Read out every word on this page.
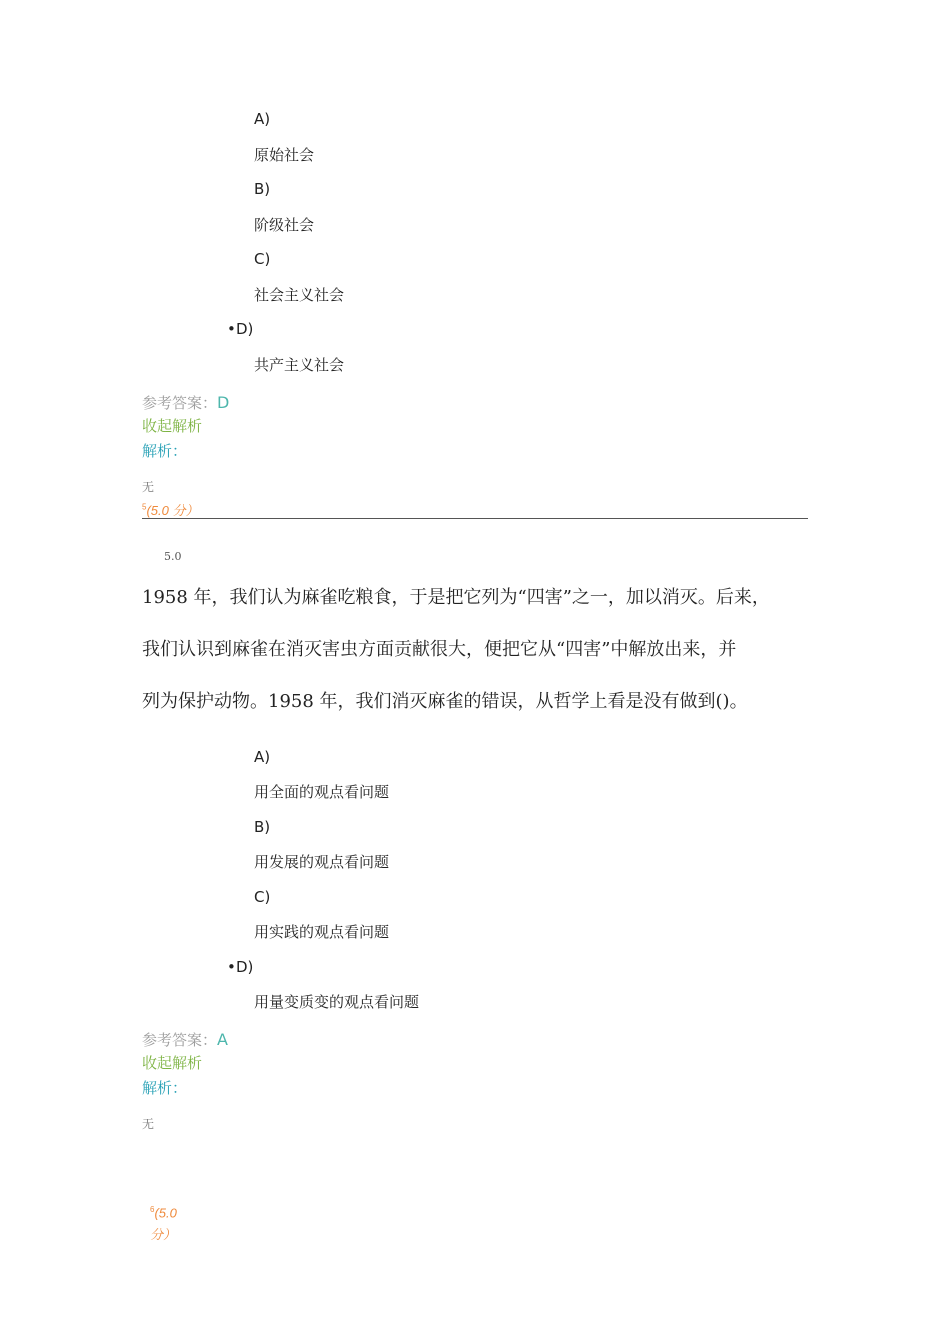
A)
原始社会
B)
阶级社会
C)
社会主义社会
• D)
共产主义社会
参考答案：D
收起解析
解析：
无
$^5$(5.0 分）
5.0
1958 年，我们认为麻雀吃粮食，于是把它列为“四害”之一，加以消灭。后来，
我们认识到麻雀在消灭害虫方面贡献很大，便把它从“四害”中解放出来，并
列为保护动物。1958 年，我们消灭麻雀的错误，从哲学上看是没有做到()。
A)
用全面的观点看问题
B)
用发展的观点看问题
C)
用实践的观点看问题
• D)
用量变质变的观点看问题
参考答案：A
收起解析
解析：
无
$^6$(5.0
分）
